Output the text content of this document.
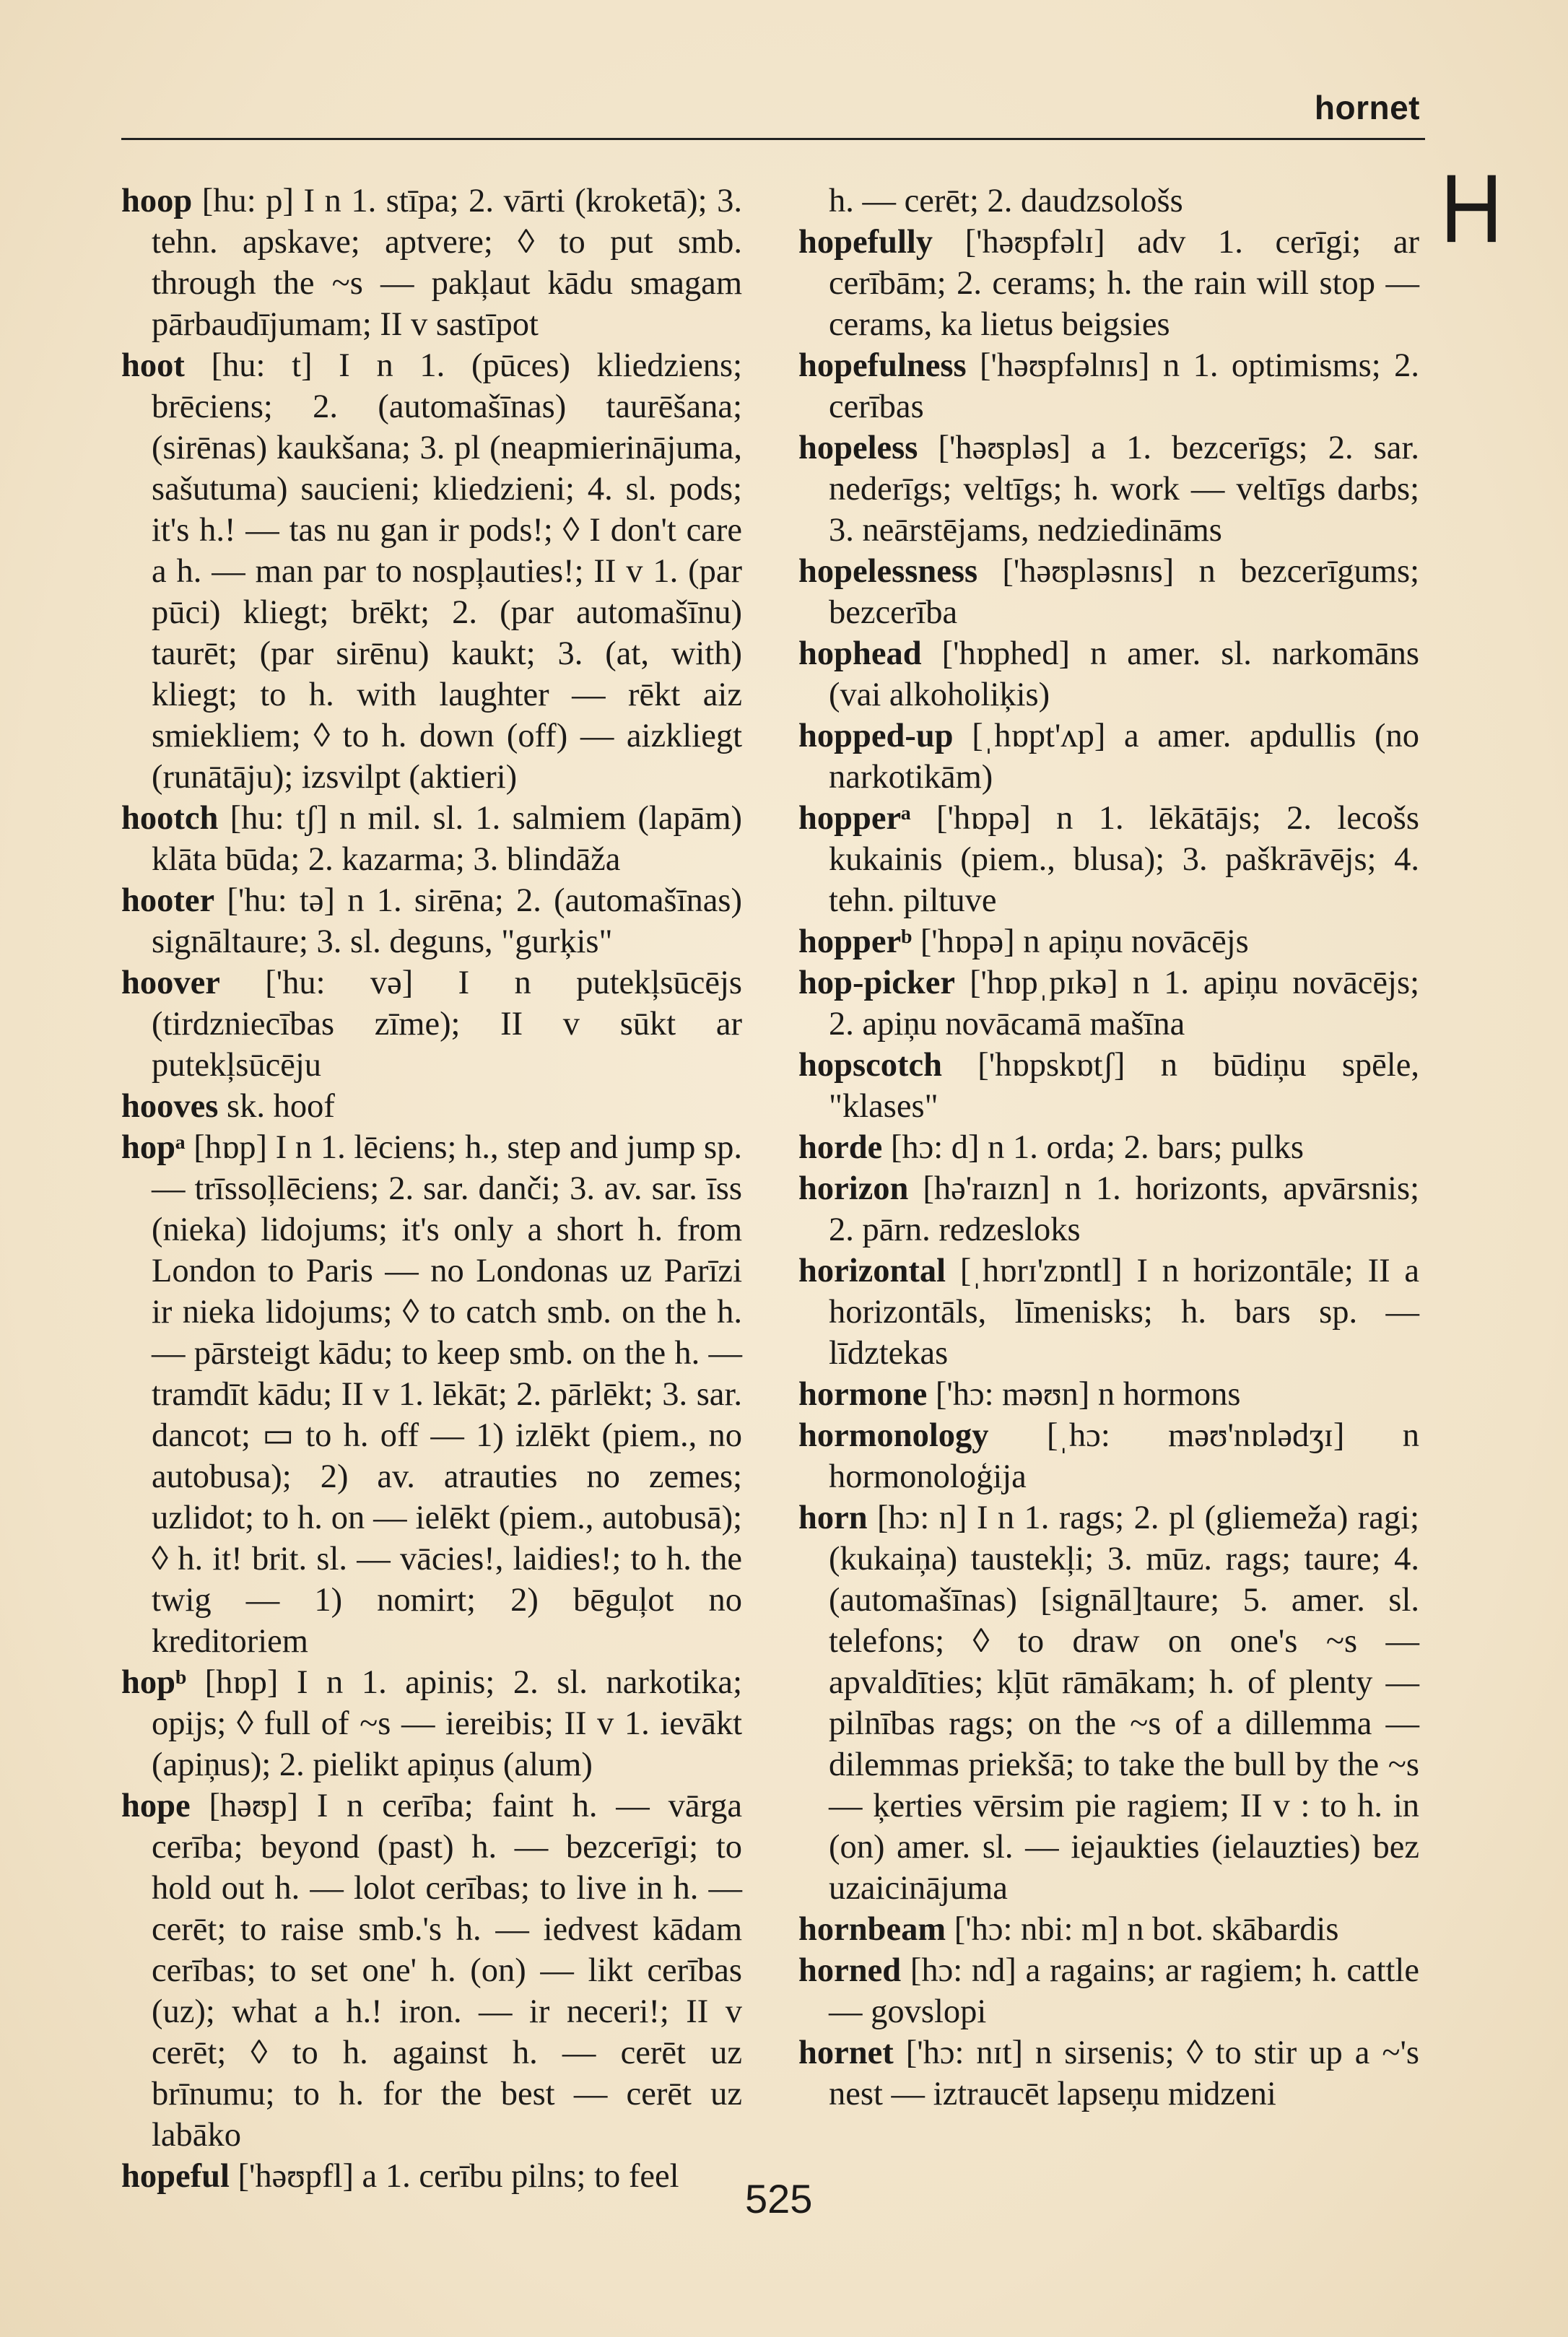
hornet
H

hoop [hu: p] I n 1. stīpa; 2. vārti (kroketā); 3. tehn. apskave; aptvere; ◊ to put smb. through the ~s — pakļaut kādu smagam pārbaudījumam; II v sastīpot

hoot [hu: t] I n 1. (pūces) kliedziens; brēciens; 2. (automašīnas) taurēšana; (sirēnas) kaukšana; 3. pl (neapmierinājuma, sašutuma) saucieni; kliedzieni; 4. sl. pods; it's h.! — tas nu gan ir pods!; ◊ I don't care a h. — man par to nospļauties!; II v 1. (par pūci) kliegt; brēkt; 2. (par automašīnu) taurēt; (par sirēnu) kaukt; 3. (at, with) kliegt; to h. with laughter — rēkt aiz smiekliem; ◊ to h. down (off) — aizkliegt (runātāju); izsvilpt (aktieri)

hootch [hu: tʃ] n mil. sl. 1. salmiem (lapām) klāta būda; 2. kazarma; 3. blindāža

hooter ['hu: tə] n 1. sirēna; 2. (automašīnas) signāltaure; 3. sl. deguns, "gurķis"

hoover ['hu: və] I n putekļsūcējs (tirdzniecības zīme); II v sūkt ar putekļsūcēju

hooves sk. hoof

hopᵃ [hɒp] I n 1. lēciens; h., step and jump sp. — trīssoļlēciens; 2. sar. danči; 3. av. sar. īss (nieka) lidojums; it's only a short h. from London to Paris — no Londonas uz Parīzi ir nieka lidojums; ◊ to catch smb. on the h. — pārsteigt kādu; to keep smb. on the h. — tramdīt kādu; II v 1. lēkāt; 2. pārlēkt; 3. sar. dancot; ▭ to h. off — 1) izlēkt (piem., no autobusa); 2) av. atrauties no zemes; uzlidot; to h. on — ielēkt (piem., autobusā); ◊ h. it! brit. sl. — vācies!, laidies!; to h. the twig — 1) nomirt; 2) bēguļot no kreditoriem

hopᵇ [hɒp] I n 1. apinis; 2. sl. narkotika; opijs; ◊ full of ~s — iereibis; II v 1. ievākt (apiņus); 2. pielikt apiņus (alum)

hope [həʊp] I n cerība; faint h. — vārga cerība; beyond (past) h. — bezcerīgi; to hold out h. — lolot cerības; to live in h. — cerēt; to raise smb.'s h. — iedvest kādam cerības; to set one' h. (on) — likt cerības (uz); what a h.! iron. — ir neceri!; II v cerēt; ◊ to h. against h. — cerēt uz brīnumu; to h. for the best — cerēt uz labāko

hopeful ['həʊpfl] a 1. cerību pilns; to feel

h. — cerēt; 2. daudzsološs

hopefully ['həʊpfəlɪ] adv 1. cerīgi; ar cerībām; 2. cerams; h. the rain will stop — cerams, ka lietus beigsies

hopefulness ['həʊpfəlnɪs] n 1. optimisms; 2. cerības

hopeless ['həʊpləs] a 1. bezcerīgs; 2. sar. nederīgs; veltīgs; h. work — veltīgs darbs; 3. neārstējams, nedziedināms

hopelessness ['həʊpləsnɪs] n bezcerīgums; bezcerība

hophead ['hɒphed] n amer. sl. narkomāns (vai alkoholiķis)

hopped-up [ˌhɒpt'ʌp] a amer. apdullis (no narkotikām)

hopperᵃ ['hɒpə] n 1. lēkātājs; 2. lecošs kukainis (piem., blusa); 3. paškrāvējs; 4. tehn. piltuve

hopperᵇ ['hɒpə] n apiņu novācējs

hop-picker ['hɒpˌpɪkə] n 1. apiņu novācējs; 2. apiņu novācamā mašīna

hopscotch ['hɒpskɒtʃ] n būdiņu spēle, "klases"

horde [hɔ: d] n 1. orda; 2. bars; pulks

horizon [hə'raɪzn] n 1. horizonts, apvārsnis; 2. pārn. redzesloks

horizontal [ˌhɒrɪ'zɒntl] I n horizontāle; II a horizontāls, līmenisks; h. bars sp. — līdztekas

hormone ['hɔ: məʊn] n hormons

hormonology [ˌhɔ: məʊ'nɒlədʒɪ] n hormonoloģija

horn [hɔ: n] I n 1. rags; 2. pl (gliemeža) ragi; (kukaiņa) taustekļi; 3. mūz. rags; taure; 4. (automašīnas) [signāl]taure; 5. amer. sl. telefons; ◊ to draw on one's ~s — apvaldīties; kļūt rāmākam; h. of plenty — pilnības rags; on the ~s of a dillemma — dilemmas priekšā; to take the bull by the ~s — ķerties vērsim pie ragiem; II v : to h. in (on) amer. sl. — iejaukties (ielauzties) bez uzaicinājuma

hornbeam ['hɔ: nbi: m] n bot. skābardis

horned [hɔ: nd] a ragains; ar ragiem; h. cattle — govslopi

hornet ['hɔ: nɪt] n sirsenis; ◊ to stir up a ~'s nest — iztraucēt lapseņu midzeni

525
